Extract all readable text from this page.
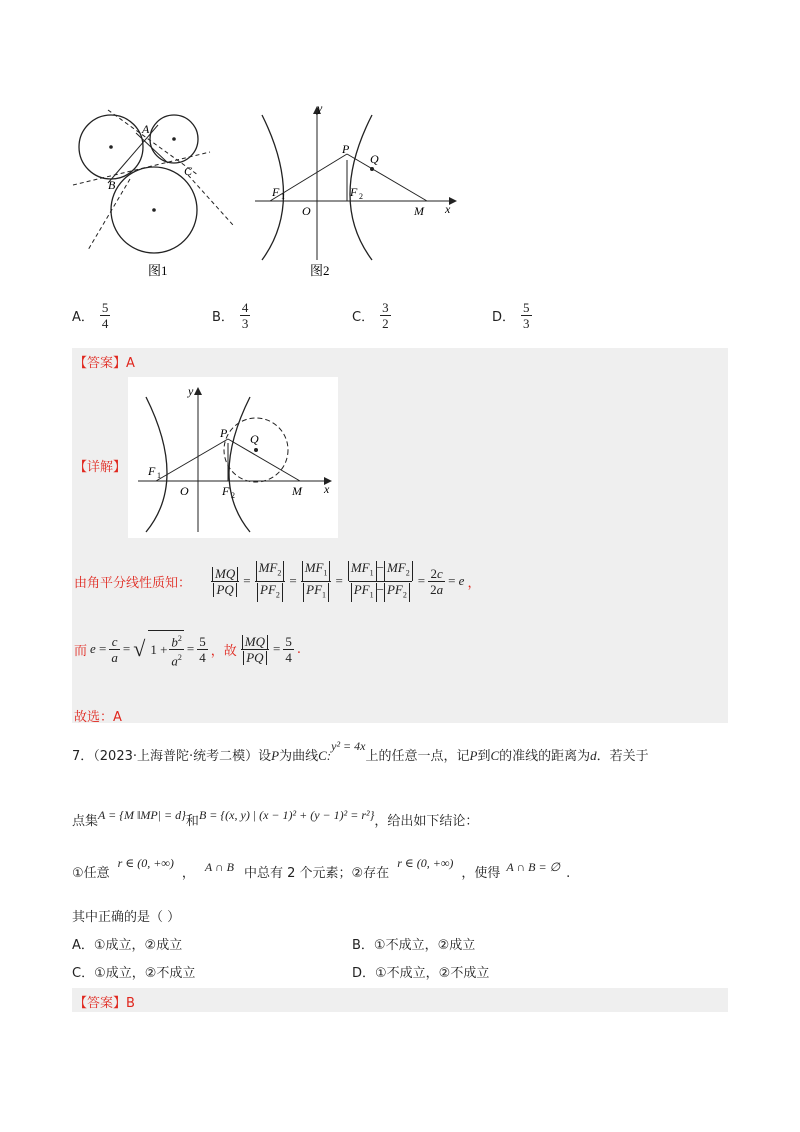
A
B
C
图1
y
P
Q
F 1	F 2
O	M x
图2
A． $\frac{5}{4}$	B． $\frac{4}{3}$	C． $\frac{3}{2}$	D． $\frac{5}{3}$
【答案】A
【详解】
y
P Q
F 1
F 2
O	M x
由角平分线性质知： $\frac{MQ}{PQ} = \frac{MF_2}{PF_2} = \frac{MF_1}{PF_1} = \frac{MF_1 - MF_2}{PF_1 - PF_2} = \frac{2c}{2a} = e$ ，
而 $e = \frac{c}{a}$ = √ $1 + \frac{b^2}{a^2} = \frac{5}{4}$ ，故 $\frac{MQ}{PQ} = \frac{5}{4}$ .
故选：A
7．（2023·上海普陀·统考二模）设P为曲线C:y² = 4x上的任意一点，记P到C的准线的距离为d．若关于
点集A = {M ‖MP| = d}和B = {(x, y) | (x − 1)² + (y − 1)² = r²}，给出如下结论：
①任意r ∈ (0, +∞)， A ∩ B 中总有 2 个元素；②存在r ∈ (0, +∞)，使得 A ∩ B = ∅ .
其中正确的是（ ）
A．①成立，②成立	B．①不成立，②成立
C．①成立，②不成立	D．①不成立，②不成立
【答案】B
